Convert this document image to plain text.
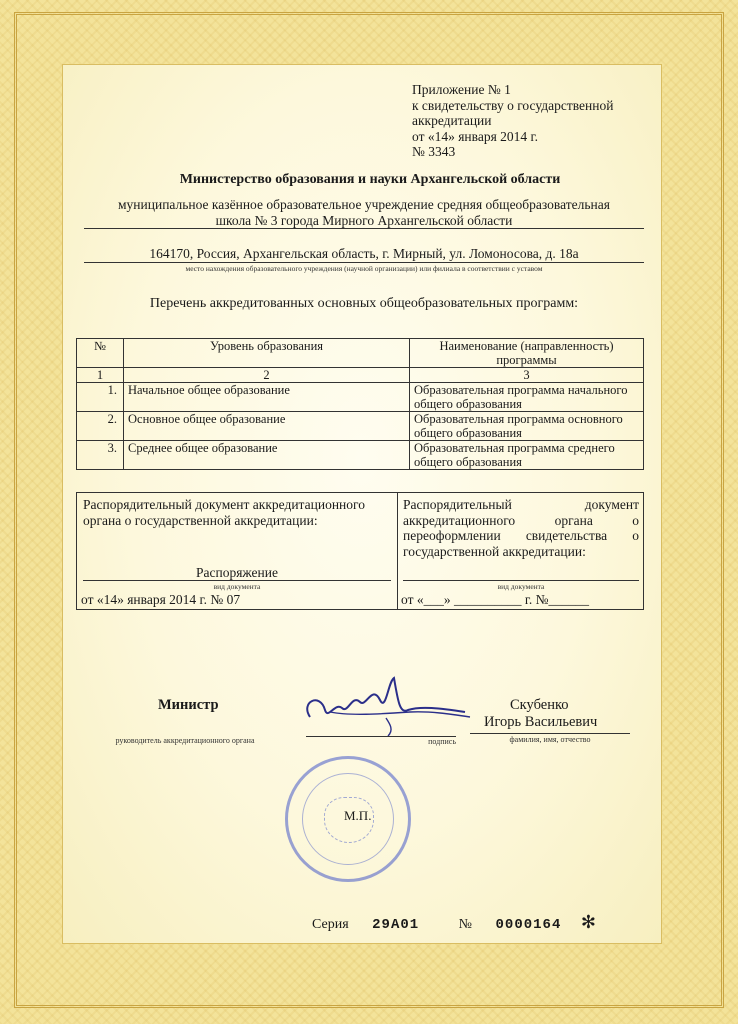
Приложение № 1
к свидетельству о государственной
аккредитации
от «14» января 2014 г.
№ 3343
Министерство образования и науки Архангельской области
муниципальное казённое образовательное учреждение средняя общеобразовательная
школа № 3 города Мирного Архангельской области
164170, Россия, Архангельская область, г. Мирный, ул. Ломоносова, д. 18а
место нахождения образовательного учреждения (научной организации) или филиала в соответствии с уставом
Перечень аккредитованных основных общеобразовательных программ:
№	Уровень образования	Наименование (направленность) программы
1	2	3
1.	Начальное общее образование	Образовательная программа начального общего образования
2.	Основное общее образование	Образовательная программа основного общего образования
3.	Среднее общее образование	Образовательная программа среднего общего образования
Распорядительный документ аккредитационного органа о государственной аккредитации:
Распоряжение
вид документа
от «14» января 2014 г. № 07
Распорядительный документ аккредитационного органа о переоформлении свидетельства о государственной аккредитации:
вид документа
от «___» __________ г. №______
Министр
руководитель аккредитационного органа	подпись
Скубенко
Игорь Васильевич
фамилия, имя, отчество
М.П.
Серия 29А01	№ 0000164 ✻
